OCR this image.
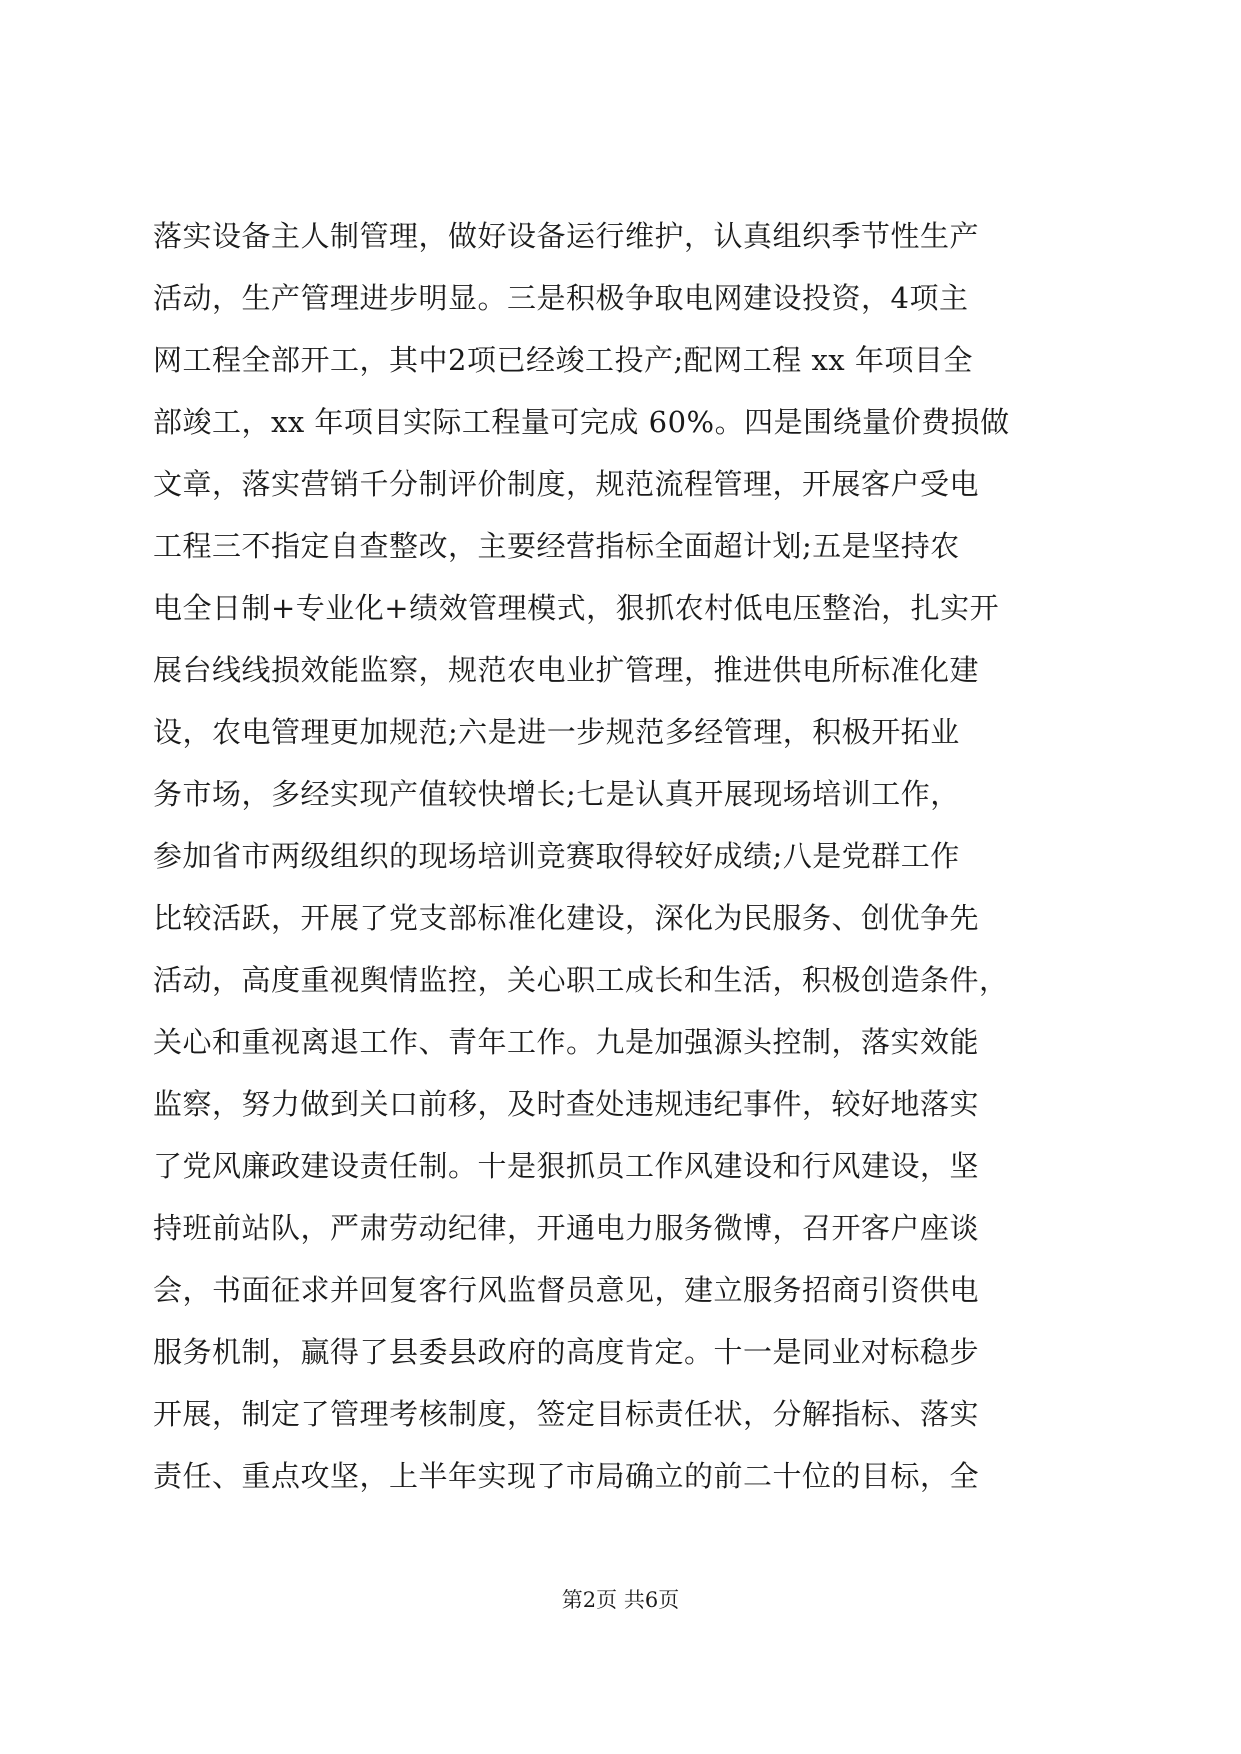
落实设备主人制管理，做好设备运行维护，认真组织季节性生产
活动，生产管理进步明显。三是积极争取电网建设投资，4项主
网工程全部开工，其中2项已经竣工投产;配网工程 xx 年项目全
部竣工，xx 年项目实际工程量可完成 60%。四是围绕量价费损做
文章，落实营销千分制评价制度，规范流程管理，开展客户受电
工程三不指定自查整改，主要经营指标全面超计划;五是坚持农
电全日制+专业化+绩效管理模式，狠抓农村低电压整治，扎实开
展台线线损效能监察，规范农电业扩管理，推进供电所标准化建
设，农电管理更加规范;六是进一步规范多经管理，积极开拓业
务市场，多经实现产值较快增长;七是认真开展现场培训工作，
参加省市两级组织的现场培训竞赛取得较好成绩;八是党群工作
比较活跃，开展了党支部标准化建设，深化为民服务、创优争先
活动，高度重视舆情监控，关心职工成长和生活，积极创造条件，
关心和重视离退工作、青年工作。九是加强源头控制，落实效能
监察，努力做到关口前移，及时查处违规违纪事件，较好地落实
了党风廉政建设责任制。十是狠抓员工作风建设和行风建设，坚
持班前站队，严肃劳动纪律，开通电力服务微博，召开客户座谈
会，书面征求并回复客行风监督员意见，建立服务招商引资供电
服务机制，赢得了县委县政府的高度肯定。十一是同业对标稳步
开展，制定了管理考核制度，签定目标责任状，分解指标、落实
责任、重点攻坚，上半年实现了市局确立的前二十位的目标，全
第2页 共6页
